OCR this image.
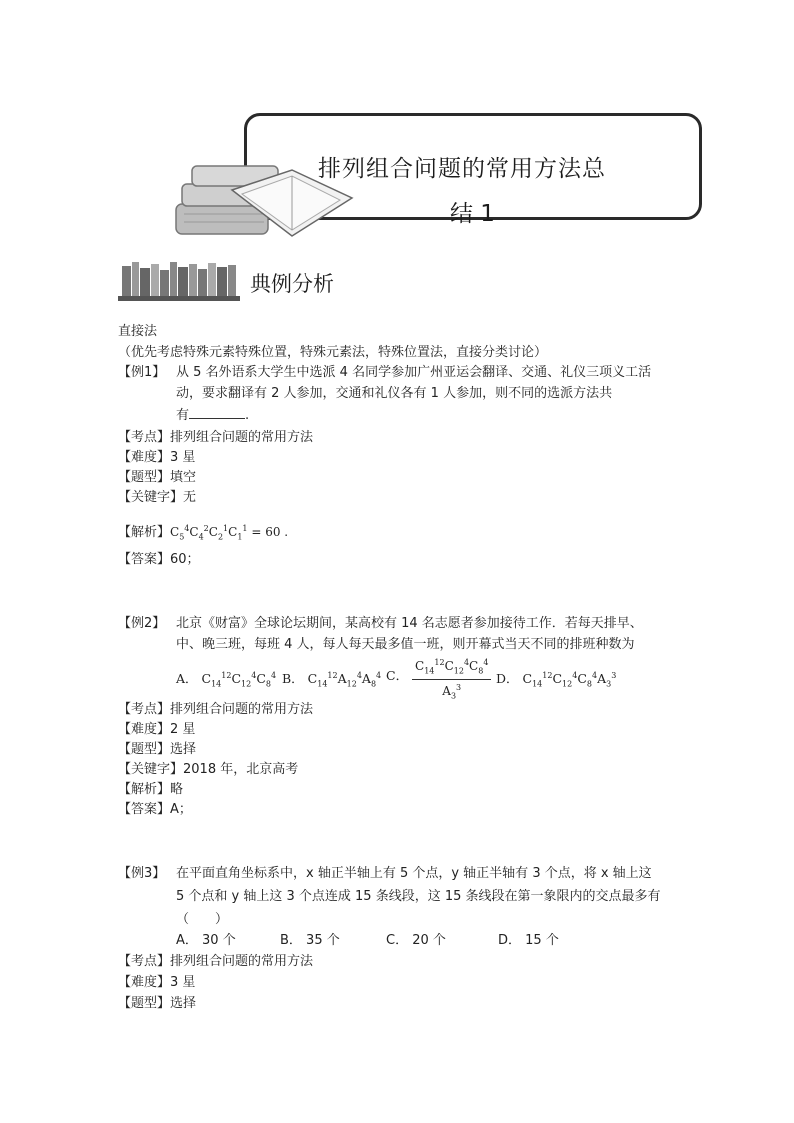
排列组合问题的常用方法总
结 1
典例分析
直接法
（优先考虑特殊元素特殊位置，特殊元素法，特殊位置法，直接分类讨论）
【例1】 从 5 名外语系大学生中选派 4 名同学参加广州亚运会翻译、交通、礼仪三项义工活
动，要求翻译有 2 人参加，交通和礼仪各有 1 人参加，则不同的选派方法共
有	.
【考点】排列组合问题的常用方法
【难度】3 星
【题型】填空
【关键字】无
【解析】$C_5^4C_4^2C_2^1C_1^1 = 60$ .
【答案】60；
【例2】 北京《财富》全球论坛期间，某高校有 14 名志愿者参加接待工作．若每天排早、
中、晚三班，每班 4 人，每人每天最多值一班，则开幕式当天不同的排班种数为
A． $C_{14}^{12}C_{12}^4C_8^4$ B． $C_{14}^{12}A_{12}^4A_8^4$ C． $\frac{C_{14}^{12}C_{12}^4C_8^4}{A_3^3}$ D． $C_{14}^{12}C_{12}^4C_8^4A_3^3$
【考点】排列组合问题的常用方法
【难度】2 星
【题型】选择
【关键字】2018 年，北京高考
【解析】略
【答案】A；
【例3】 在平面直角坐标系中，x 轴正半轴上有 5 个点，y 轴正半轴有 3 个点，将 x 轴上这
5 个点和 y 轴上这 3 个点连成 15 条线段，这 15 条线段在第一象限内的交点最多有
（　　）
A． 30 个	B． 35 个	C． 20 个	D． 15 个
【考点】排列组合问题的常用方法
【难度】3 星
【题型】选择
